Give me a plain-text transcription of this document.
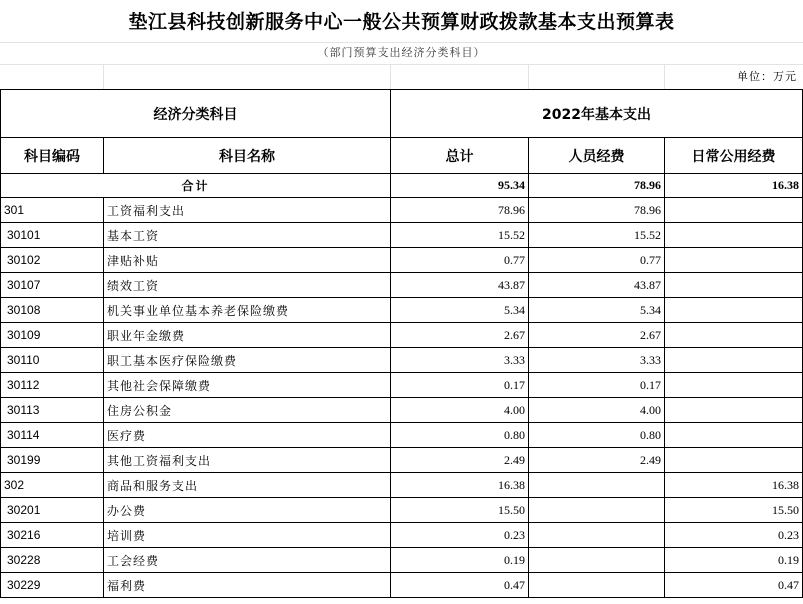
垫江县科技创新服务中心一般公共预算财政拨款基本支出预算表
（部门预算支出经济分类科目）
单位：万元
经济分类科目		2022年基本支出		
科目编码	科目名称	总计	人员经费	日常公用经费
合计		95.34	78.96	16.38
301	工资福利支出	78.96	78.96	
30101	基本工资	15.52	15.52	
30102	津贴补贴	0.77	0.77	
30107	绩效工资	43.87	43.87	
30108	机关事业单位基本养老保险缴费	5.34	5.34	
30109	职业年金缴费	2.67	2.67	
30110	职工基本医疗保险缴费	3.33	3.33	
30112	其他社会保障缴费	0.17	0.17	
30113	住房公积金	4.00	4.00	
30114	医疗费	0.80	0.80	
30199	其他工资福利支出	2.49	2.49	
302	商品和服务支出	16.38		16.38
30201	办公费	15.50		15.50
30216	培训费	0.23		0.23
30228	工会经费	0.19		0.19
30229	福利费	0.47		0.47
